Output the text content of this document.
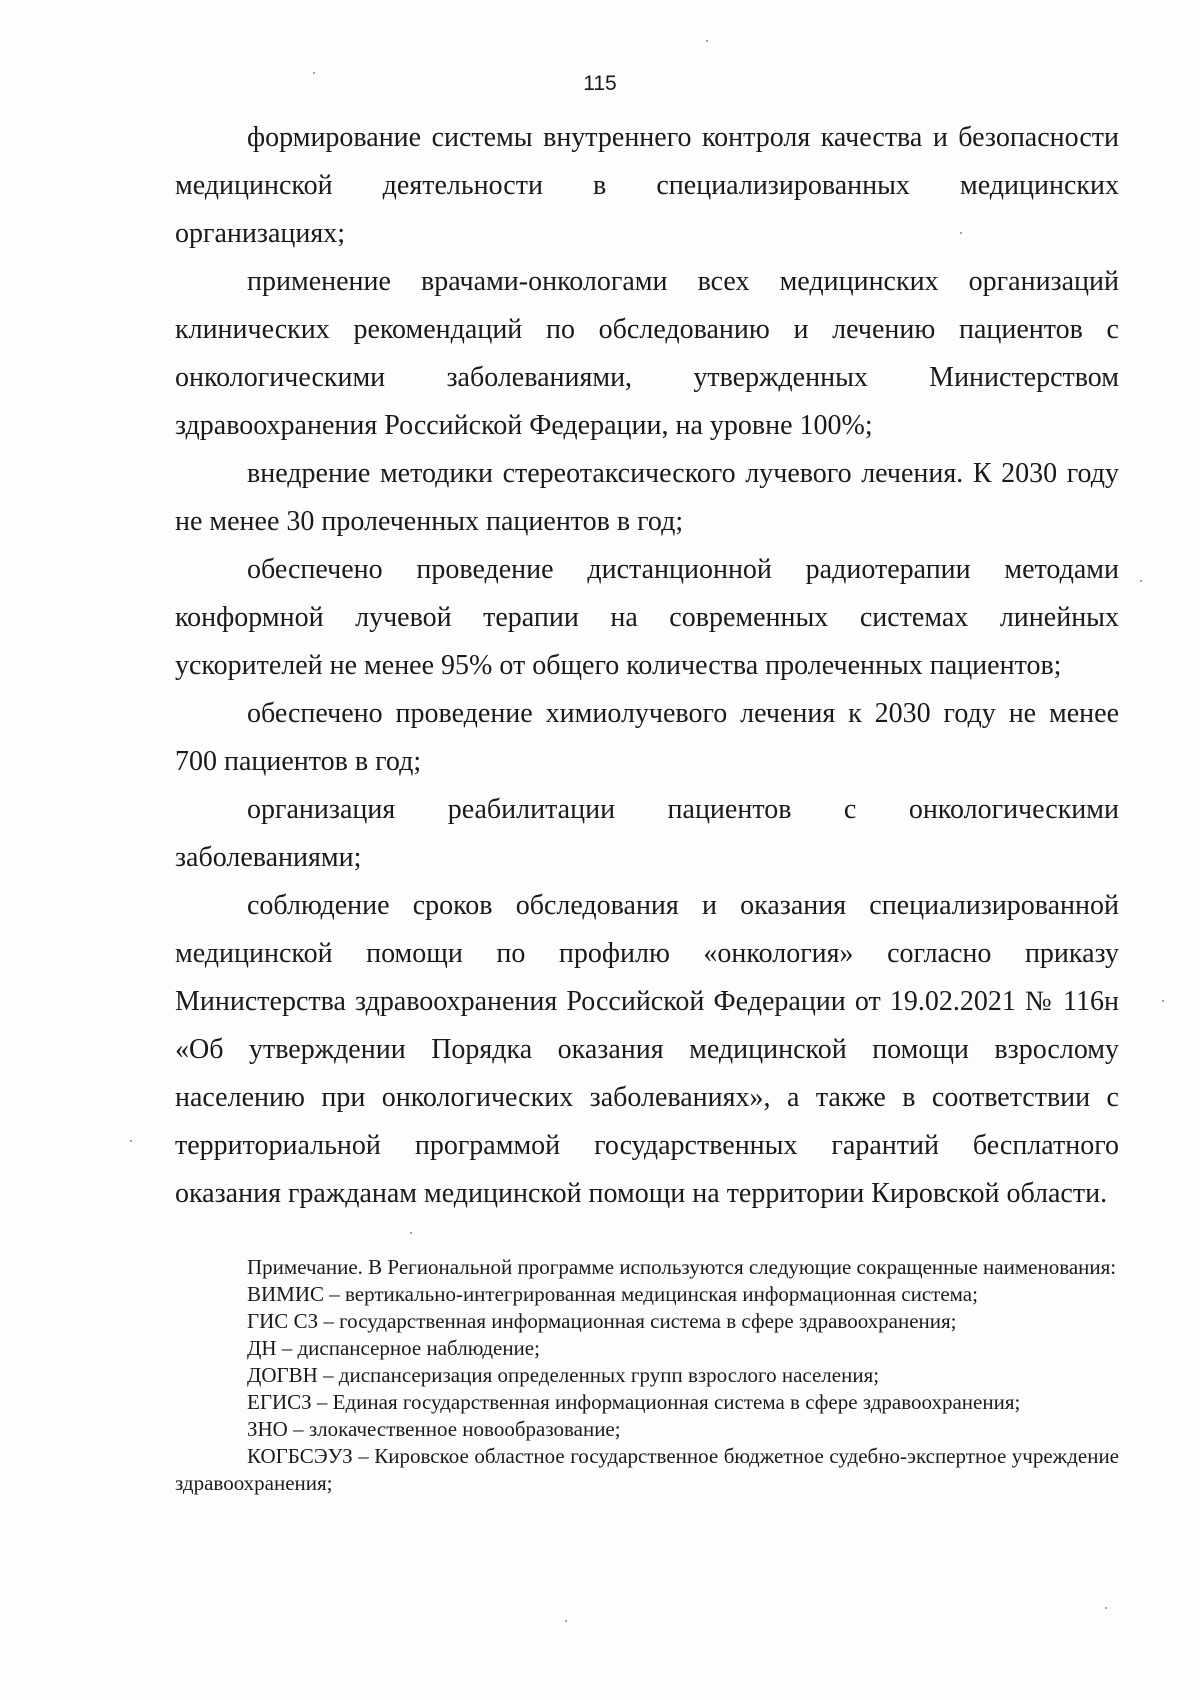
115

формирование системы внутреннего контроля качества и безопасности медицинской деятельности в специализированных медицинских организациях;

применение врачами-онкологами всех медицинских организаций клинических рекомендаций по обследованию и лечению пациентов с онкологическими заболеваниями, утвержденных Министерством здравоохранения Российской Федерации, на уровне 100%;

внедрение методики стереотаксического лучевого лечения. К 2030 году не менее 30 пролеченных пациентов в год;

обеспечено проведение дистанционной радиотерапии методами конформной лучевой терапии на современных системах линейных ускорителей не менее 95% от общего количества пролеченных пациентов;

обеспечено проведение химиолучевого лечения к 2030 году не менее 700 пациентов в год;

организация реабилитации пациентов с онкологическими заболеваниями;

соблюдение сроков обследования и оказания специализированной медицинской помощи по профилю «онкология» согласно приказу Министерства здравоохранения Российской Федерации от 19.02.2021 № 116н «Об утверждении Порядка оказания медицинской помощи взрослому населению при онкологических заболеваниях», а также в соответствии с территориальной программой государственных гарантий бесплатного оказания гражданам медицинской помощи на территории Кировской области.

Примечание. В Региональной программе используются следующие сокращенные наименования:

ВИМИС – вертикально-интегрированная медицинская информационная система;

ГИС СЗ – государственная информационная система в сфере здравоохранения;

ДН – диспансерное наблюдение;

ДОГВН – диспансеризация определенных групп взрослого населения;

ЕГИСЗ – Единая государственная информационная система в сфере здравоохранения;

ЗНО – злокачественное новообразование;

КОГБСЭУЗ – Кировское областное государственное бюджетное судебно-экспертное учреждение здравоохранения;
